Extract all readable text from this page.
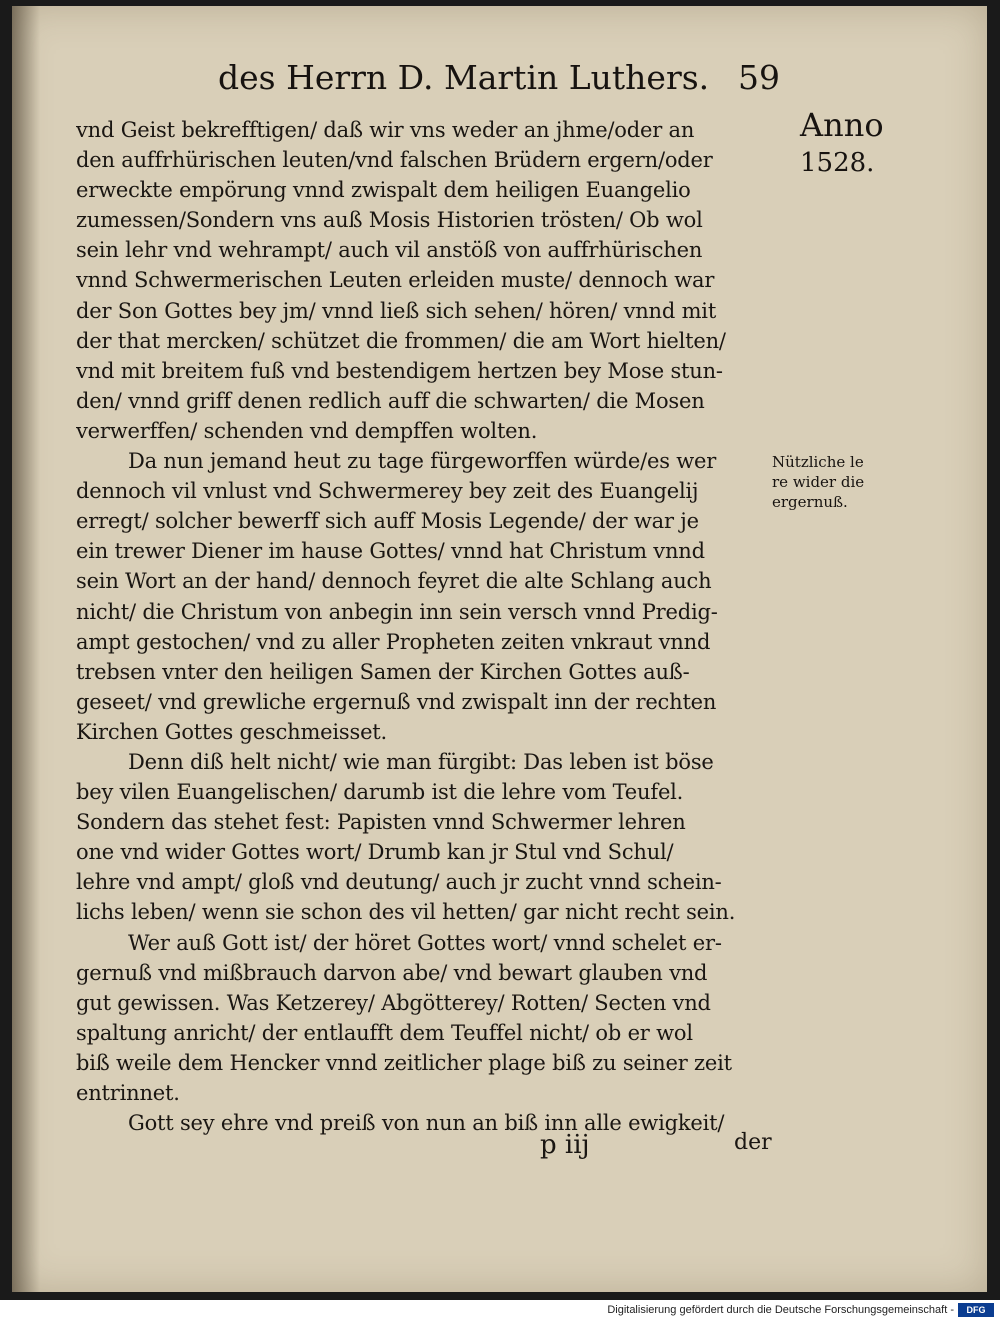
des Herrn D. Martin Luthers. 59
Anno
1528.
Nützliche le
re wider die
ergernuß.
vnd Geist bekrefftigen/ daß wir vns weder an jhme/oder an
den auffrhürischen leuten/vnd falschen Brüdern ergern/oder
erweckte empörung vnnd zwispalt dem heiligen Euangelio
zumessen/Sondern vns auß Mosis Historien trösten/ Ob wol
sein lehr vnd wehrampt/ auch vil anstöß von auffrhürischen
vnnd Schwermerischen Leuten erleiden muste/ dennoch war
der Son Gottes bey jm/ vnnd ließ sich sehen/ hören/ vnnd mit
der that mercken/ schützet die frommen/ die am Wort hielten/
vnd mit breitem fuß vnd bestendigem hertzen bey Mose stun-
den/ vnnd griff denen redlich auff die schwarten/ die Mosen
verwerffen/ schenden vnd dempffen wolten.
Da nun jemand heut zu tage fürgeworffen würde/es wer
dennoch vil vnlust vnd Schwermerey bey zeit des Euangelij
erregt/ solcher bewerff sich auff Mosis Legende/ der war je
ein trewer Diener im hause Gottes/ vnnd hat Christum vnnd
sein Wort an der hand/ dennoch feyret die alte Schlang auch
nicht/ die Christum von anbegin inn sein versch vnnd Predig-
ampt gestochen/ vnd zu aller Propheten zeiten vnkraut vnnd
trebsen vnter den heiligen Samen der Kirchen Gottes auß-
geseet/ vnd grewliche ergernuß vnd zwispalt inn der rechten
Kirchen Gottes geschmeisset.
Denn diß helt nicht/ wie man fürgibt: Das leben ist böse
bey vilen Euangelischen/ darumb ist die lehre vom Teufel.
Sondern das stehet fest: Papisten vnnd Schwermer lehren
one vnd wider Gottes wort/ Drumb kan jr Stul vnd Schul/
lehre vnd ampt/ gloß vnd deutung/ auch jr zucht vnnd schein-
lichs leben/ wenn sie schon des vil hetten/ gar nicht recht sein.
Wer auß Gott ist/ der höret Gottes wort/ vnnd schelet er-
gernuß vnd mißbrauch darvon abe/ vnd bewart glauben vnd
gut gewissen. Was Ketzerey/ Abgötterey/ Rotten/ Secten vnd
spaltung anricht/ der entlaufft dem Teuffel nicht/ ob er wol
biß weile dem Hencker vnnd zeitlicher plage biß zu seiner zeit
entrinnet.
Gott sey ehre vnd preiß von nun an biß inn alle ewigkeit/
p iij	der
Digitalisierung gefördert durch die Deutsche Forschungsgemeinschaft -	DFG
